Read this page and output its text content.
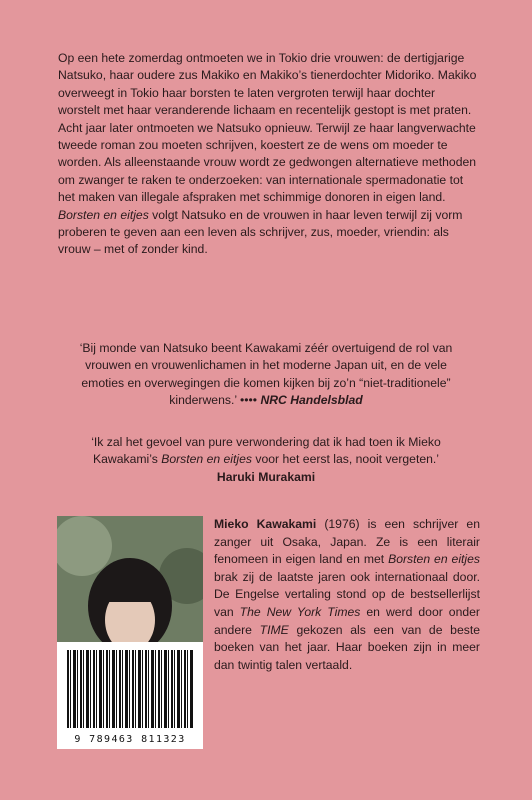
Op een hete zomerdag ontmoeten we in Tokio drie vrouwen: de dertigjarige Natsuko, haar oudere zus Makiko en Makiko’s tienerdochter Midoriko. Makiko overweegt in Tokio haar borsten te laten vergroten terwijl haar dochter worstelt met haar veranderende lichaam en recentelijk gestopt is met praten.

Acht jaar later ontmoeten we Natsuko opnieuw. Terwijl ze haar langverwachte tweede roman zou moeten schrijven, koestert ze de wens om moeder te worden. Als alleenstaande vrouw wordt ze gedwongen alternatieve methoden om zwanger te raken te onderzoeken: van internationale spermadonatie tot het maken van illegale afspraken met schimmige donoren in eigen land.

Borsten en eitjes volgt Natsuko en de vrouwen in haar leven terwijl zij vorm proberen te geven aan een leven als schrijver, zus, moeder, vriendin: als vrouw – met of zonder kind.

‘Bij monde van Natsuko beent Kawakami zéér overtuigend de rol van vrouwen en vrouwenlichamen in het moderne Japan uit, en de vele emoties en overwegingen die komen kijken bij zo’n “niet-traditionele” kinderwens.’ •••• NRC Handelsblad
‘Ik zal het gevoel van pure verwondering dat ik had toen ik Mieko Kawakami’s Borsten en eitjes voor het eerst las, nooit vergeten.’
Haruki Murakami
9 789463 811323
Mieko Kawakami (1976) is een schrijver en zanger uit Osaka, Japan. Ze is een literair fenomeen in eigen land en met Borsten en eitjes brak zij de laatste jaren ook internationaal door. De Engelse vertaling stond op de bestsellerlijst van The New York Times en werd door onder andere TIME gekozen als een van de beste boeken van het jaar. Haar boeken zijn in meer dan twintig talen vertaald.
